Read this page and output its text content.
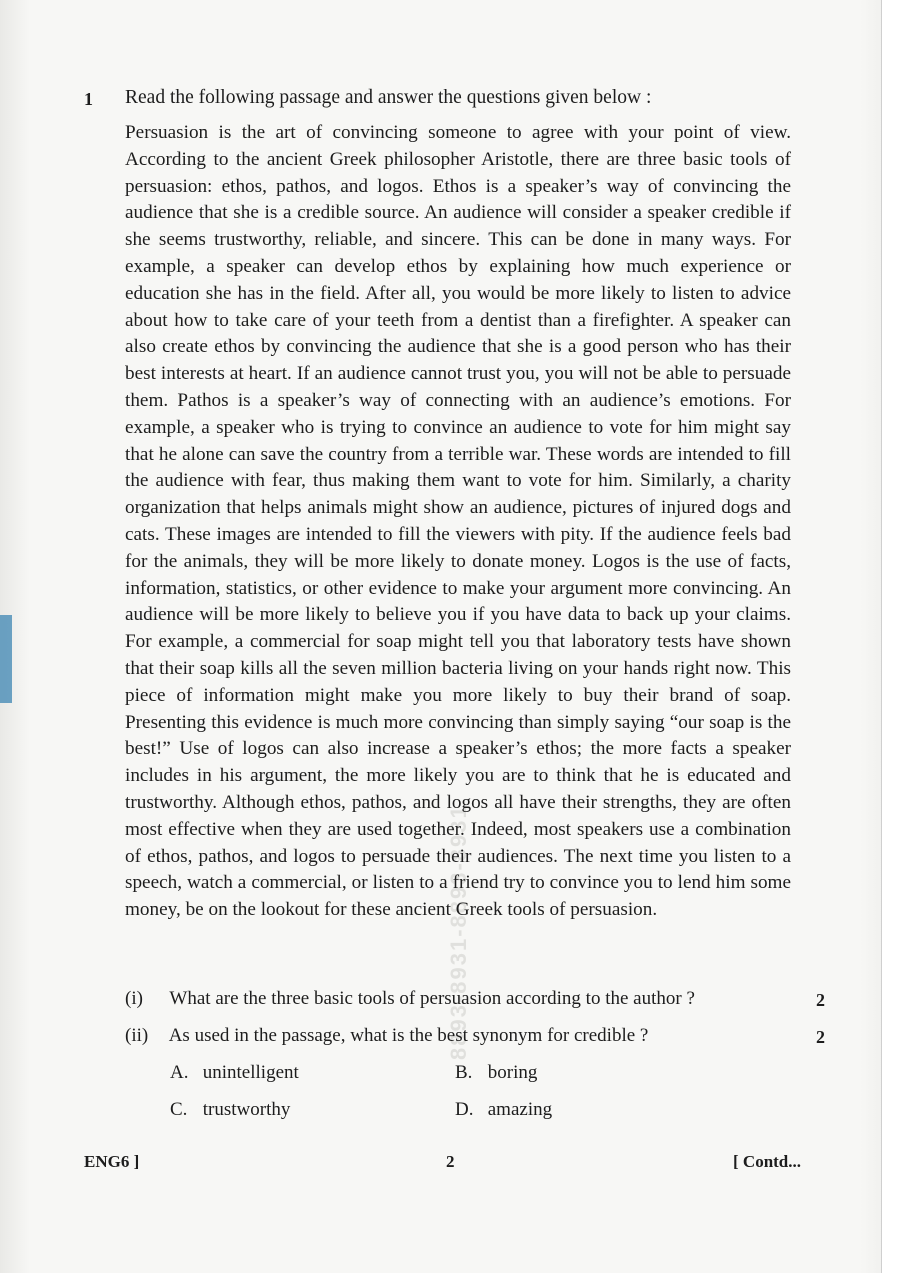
8893-8931-8893-8931
1 Read the following passage and answer the questions given below :

Persuasion is the art of convincing someone to agree with your point of view. According to the ancient Greek philosopher Aristotle, there are three basic tools of persuasion: ethos, pathos, and logos. Ethos is a speaker’s way of convincing the audience that she is a credible source. An audience will consider a speaker credible if she seems trustworthy, reliable, and sincere. This can be done in many ways. For example, a speaker can develop ethos by explaining how much experience or education she has in the field. After all, you would be more likely to listen to advice about how to take care of your teeth from a dentist than a firefighter. A speaker can also create ethos by convincing the audience that she is a good person who has their best interests at heart. If an audience cannot trust you, you will not be able to persuade them. Pathos is a speaker’s way of connecting with an audience’s emotions. For example, a speaker who is trying to convince an audience to vote for him might say that he alone can save the country from a terrible war. These words are intended to fill the audience with fear, thus making them want to vote for him. Similarly, a charity organization that helps animals might show an audience, pictures of injured dogs and cats. These images are intended to fill the viewers with pity. If the audience feels bad for the animals, they will be more likely to donate money. Logos is the use of facts, information, statistics, or other evidence to make your argument more convincing. An audience will be more likely to believe you if you have data to back up your claims. For example, a commercial for soap might tell you that laboratory tests have shown that their soap kills all the seven million bacteria living on your hands right now. This piece of information might make you more likely to buy their brand of soap. Presenting this evidence is much more convincing than simply saying “our soap is the best!” Use of logos can also increase a speaker’s ethos; the more facts a speaker includes in his argument, the more likely you are to think that he is educated and trustworthy. Although ethos, pathos, and logos all have their strengths, they are often most effective when they are used together. Indeed, most speakers use a combination of ethos, pathos, and logos to persuade their audiences. The next time you listen to a speech, watch a commercial, or listen to a friend try to convince you to lend him some money, be on the lookout for these ancient Greek tools of persuasion.

(i) What are the three basic tools of persuasion according to the author ?	2
(ii) As used in the passage, what is the best synonym for credible ?	2
A. unintelligent	B. boring
C. trustworthy	D. amazing
ENG6 ]	2	[ Contd...
